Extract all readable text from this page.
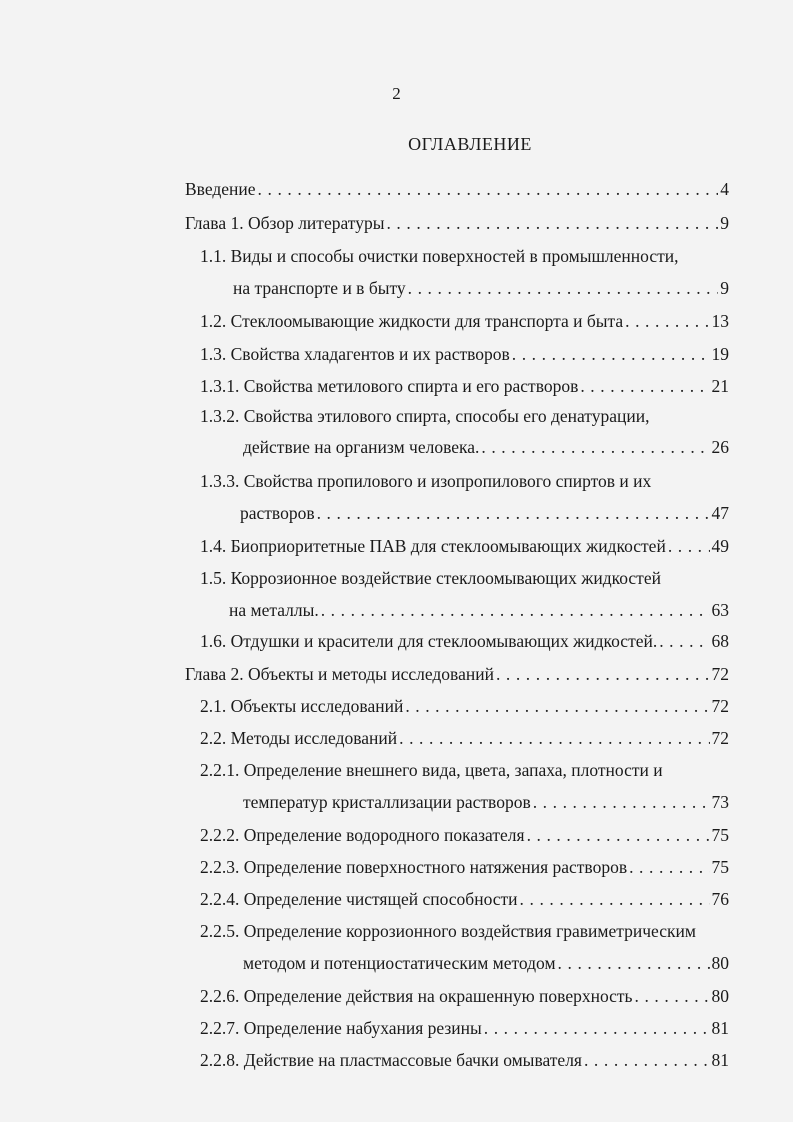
2
ОГЛАВЛЕНИЕ
Введение . . .	4
Глава 1. Обзор литературы . . .	9
1.1. Виды и способы очистки поверхностей в промышленности,
на транспорте и в быту . . .	9
1.2. Стеклоомывающие жидкости для транспорта и быта . . .	13
1.3. Свойства хладагентов и их растворов . . .	19
1.3.1. Свойства метилового спирта и его растворов . . .	21
1.3.2. Свойства этилового спирта, способы его денатурации,
действие на организм человека. . . .	26
1.3.3. Свойства пропилового и изопропилового спиртов и их
растворов . . .	47
1.4. Биоприоритетные ПАВ для стеклоомывающих жидкостей . . .	49
1.5. Коррозионное воздействие стеклоомывающих жидкостей
на металлы. . . .	63
1.6. Отдушки и красители для стеклоомывающих жидкостей. . . .	68
Глава 2. Объекты и методы исследований . . .	72
2.1. Объекты исследований . . .	72
2.2. Методы исследований . . .	72
2.2.1. Определение внешнего вида, цвета, запаха, плотности и
температур кристаллизации растворов . . .	73
2.2.2. Определение водородного показателя . . .	75
2.2.3. Определение поверхностного натяжения растворов . . .	75
2.2.4. Определение чистящей способности . . .	76
2.2.5. Определение коррозионного воздействия гравиметрическим
методом и потенциостатическим методом . . .	80
2.2.6. Определение действия на окрашенную поверхность . . .	80
2.2.7. Определение набухания резины . . .	81
2.2.8. Действие на пластмассовые бачки омывателя . . .	81
